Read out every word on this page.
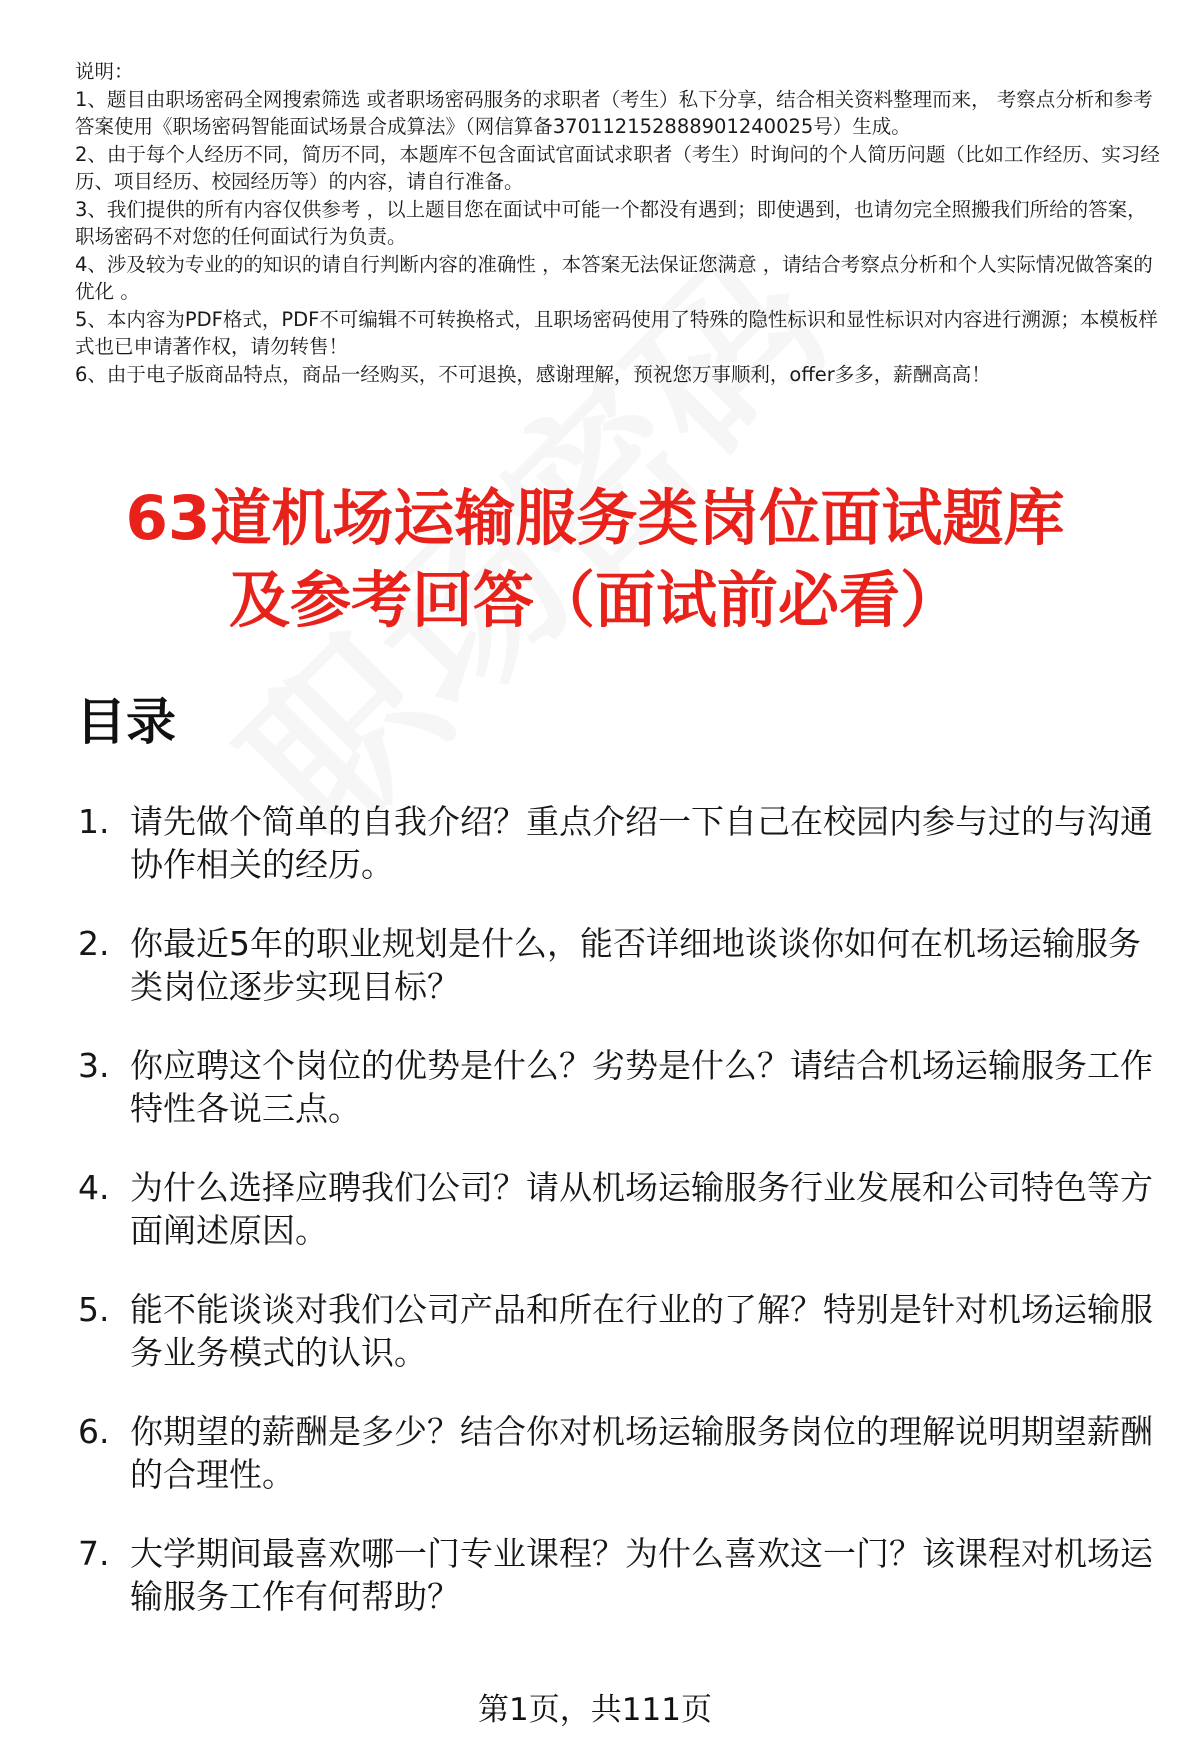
说明：

1、题目由职场密码全网搜索筛选 或者职场密码服务的求职者（考生）私下分享，结合相关资料整理而来， 考察点分析和参考答案使用《职场密码智能面试场景合成算法》（网信算备370112152888901240025号）生成。

2、由于每个人经历不同，简历不同，本题库不包含面试官面试求职者（考生）时询问的个人简历问题（比如工作经历、实习经历、项目经历、校园经历等）的内容，请自行准备。

3、我们提供的所有内容仅供参考 ，以上题目您在面试中可能一个都没有遇到；即使遇到，也请勿完全照搬我们所给的答案，职场密码不对您的任何面试行为负责。

4、涉及较为专业的的知识的请自行判断内容的准确性 ，本答案无法保证您满意 ，请结合考察点分析和个人实际情况做答案的优化 。

5、本内容为PDF格式，PDF不可编辑不可转换格式，且职场密码使用了特殊的隐性标识和显性标识对内容进行溯源；本模板样式也已申请著作权，请勿转售！

6、由于电子版商品特点，商品一经购买，不可退换，感谢理解，预祝您万事顺利，offer多多，薪酬高高！

63道机场运输服务类岗位面试题库
及参考回答（面试前必看）
目录
1. 请先做个简单的自我介绍？重点介绍一下自己在校园内参与过的与沟通协作相关的经历。
2. 你最近5年的职业规划是什么，能否详细地谈谈你如何在机场运输服务类岗位逐步实现目标？
3. 你应聘这个岗位的优势是什么？劣势是什么？请结合机场运输服务工作特性各说三点。
4. 为什么选择应聘我们公司？请从机场运输服务行业发展和公司特色等方面阐述原因。
5. 能不能谈谈对我们公司产品和所在行业的了解？特别是针对机场运输服务业务模式的认识。
6. 你期望的薪酬是多少？结合你对机场运输服务岗位的理解说明期望薪酬的合理性。
7. 大学期间最喜欢哪一门专业课程？为什么喜欢这一门？该课程对机场运输服务工作有何帮助？
第1页，共111页
